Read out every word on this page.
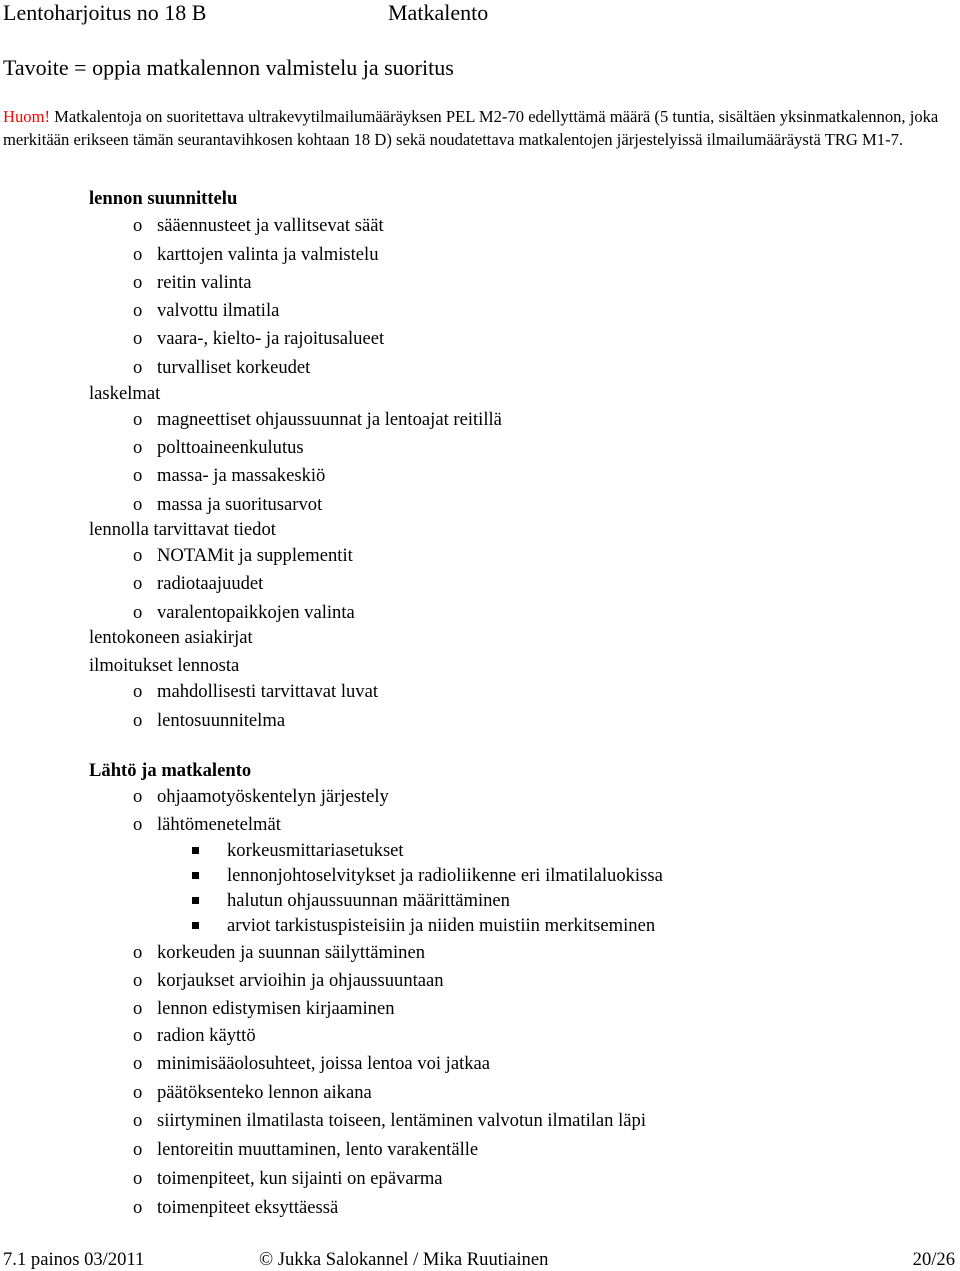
Lentoharjoitus no 18 B	Matkalento
Tavoite = oppia matkalennon valmistelu ja suoritus
Huom! Matkalentoja on suoritettava ultrakevytilmailumääräyksen PEL M2-70 edellyttämä määrä (5 tuntia, sisältäen yksinmatkalennon, joka merkitään erikseen tämän seurantavihkosen kohtaan 18 D) sekä noudatettava matkalentojen järjestelyissä ilmailumääräystä TRG M1-7.
lennon suunnittelu
sääennusteet ja vallitsevat säät
o
karttojen valinta ja valmistelu
o
reitin valinta
o
valvottu ilmatila
o
vaara-, kielto- ja rajoitusalueet
o
turvalliset korkeudet
o
laskelmat
magneettiset ohjaussuunnat ja lentoajat reitillä
o
polttoaineenkulutus
o
massa- ja massakeskiö
o
massa ja suoritusarvot
o
lennolla tarvittavat tiedot
NOTAMit ja supplementit
o
radiotaajuudet
o
varalentopaikkojen valinta
o
lentokoneen asiakirjat
ilmoitukset lennosta
mahdollisesti tarvittavat luvat
o
lentosuunnitelma
o
Lähtö ja matkalento
ohjaamotyöskentelyn järjestely
o
lähtömenetelmät
o
korkeusmittariasetukset
lennonjohtoselvitykset ja radioliikenne eri ilmatilaluokissa
halutun ohjaussuunnan määrittäminen
arviot tarkistuspisteisiin ja niiden muistiin merkitseminen
korkeuden ja suunnan säilyttäminen
o
korjaukset arvioihin ja ohjaussuuntaan
o
lennon edistymisen kirjaaminen
o
radion käyttö
o
minimisääolosuhteet, joissa lentoa voi jatkaa
o
päätöksenteko lennon aikana
o
siirtyminen ilmatilasta toiseen, lentäminen valvotun ilmatilan läpi
o
lentoreitin muuttaminen, lento varakentälle
o
toimenpiteet, kun sijainti on epävarma
o
toimenpiteet eksyttäessä
o
7.1 painos 03/2011	© Jukka Salokannel / Mika Ruutiainen	20/26
